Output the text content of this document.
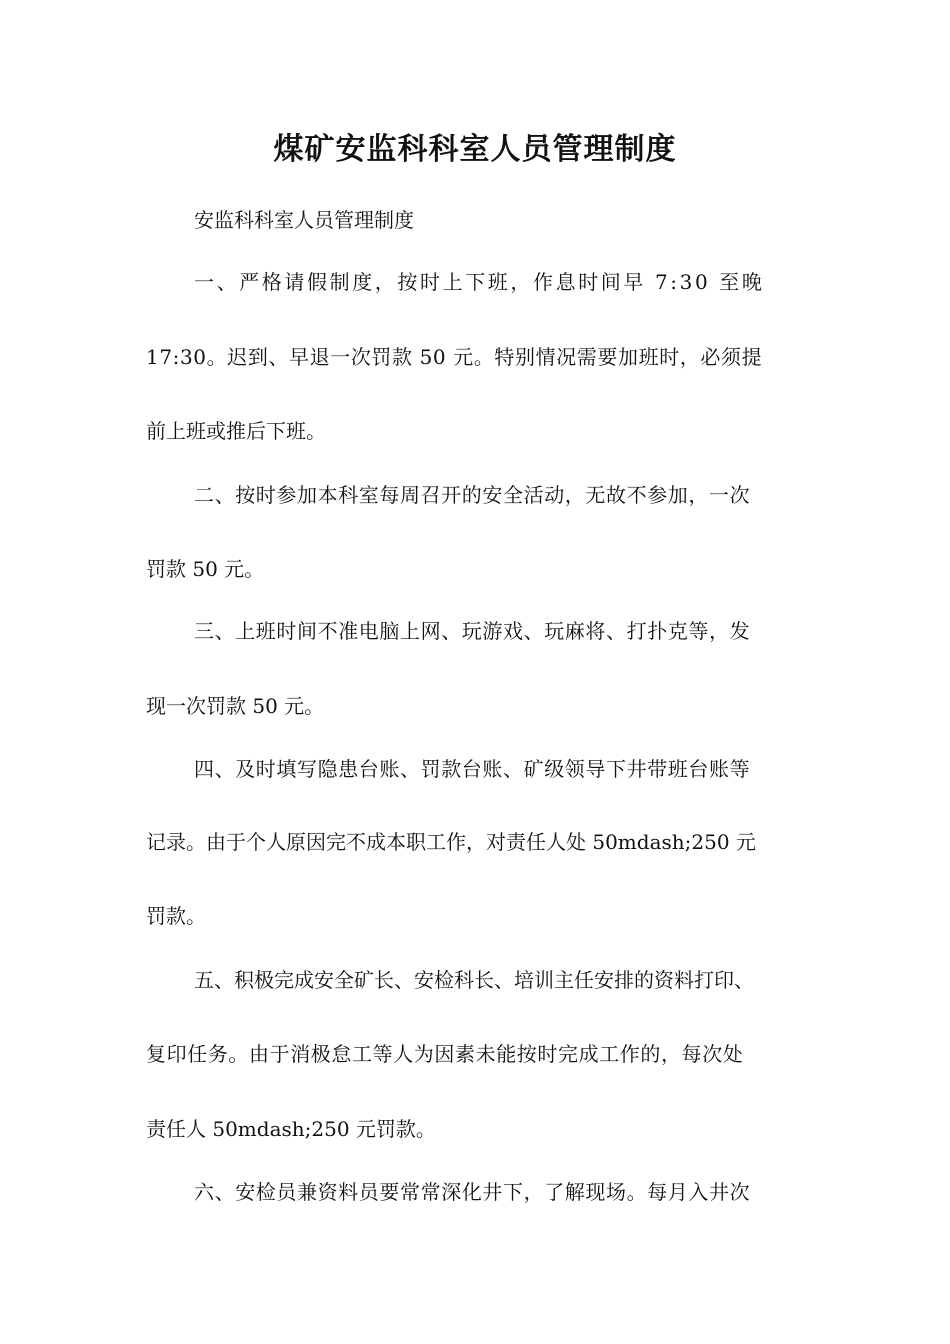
煤矿安监科科室人员管理制度
安监科科室人员管理制度
一、严格请假制度，按时上下班，作息时间早 7:30 至晚
17:30。迟到、早退一次罚款 50 元。特别情况需要加班时，必须提
前上班或推后下班。
二、按时参加本科室每周召开的安全活动，无故不参加，一次
罚款 50 元。
三、上班时间不准电脑上网、玩游戏、玩麻将、打扑克等，发
现一次罚款 50 元。
四、及时填写隐患台账、罚款台账、矿级领导下井带班台账等
记录。由于个人原因完不成本职工作，对责任人处 50mdash;250 元
罚款。
五、积极完成安全矿长、安检科长、培训主任安排的资料打印、
复印任务。由于消极怠工等人为因素未能按时完成工作的，每次处
责任人 50mdash;250 元罚款。
六、安检员兼资料员要常常深化井下，了解现场。每月入井次
